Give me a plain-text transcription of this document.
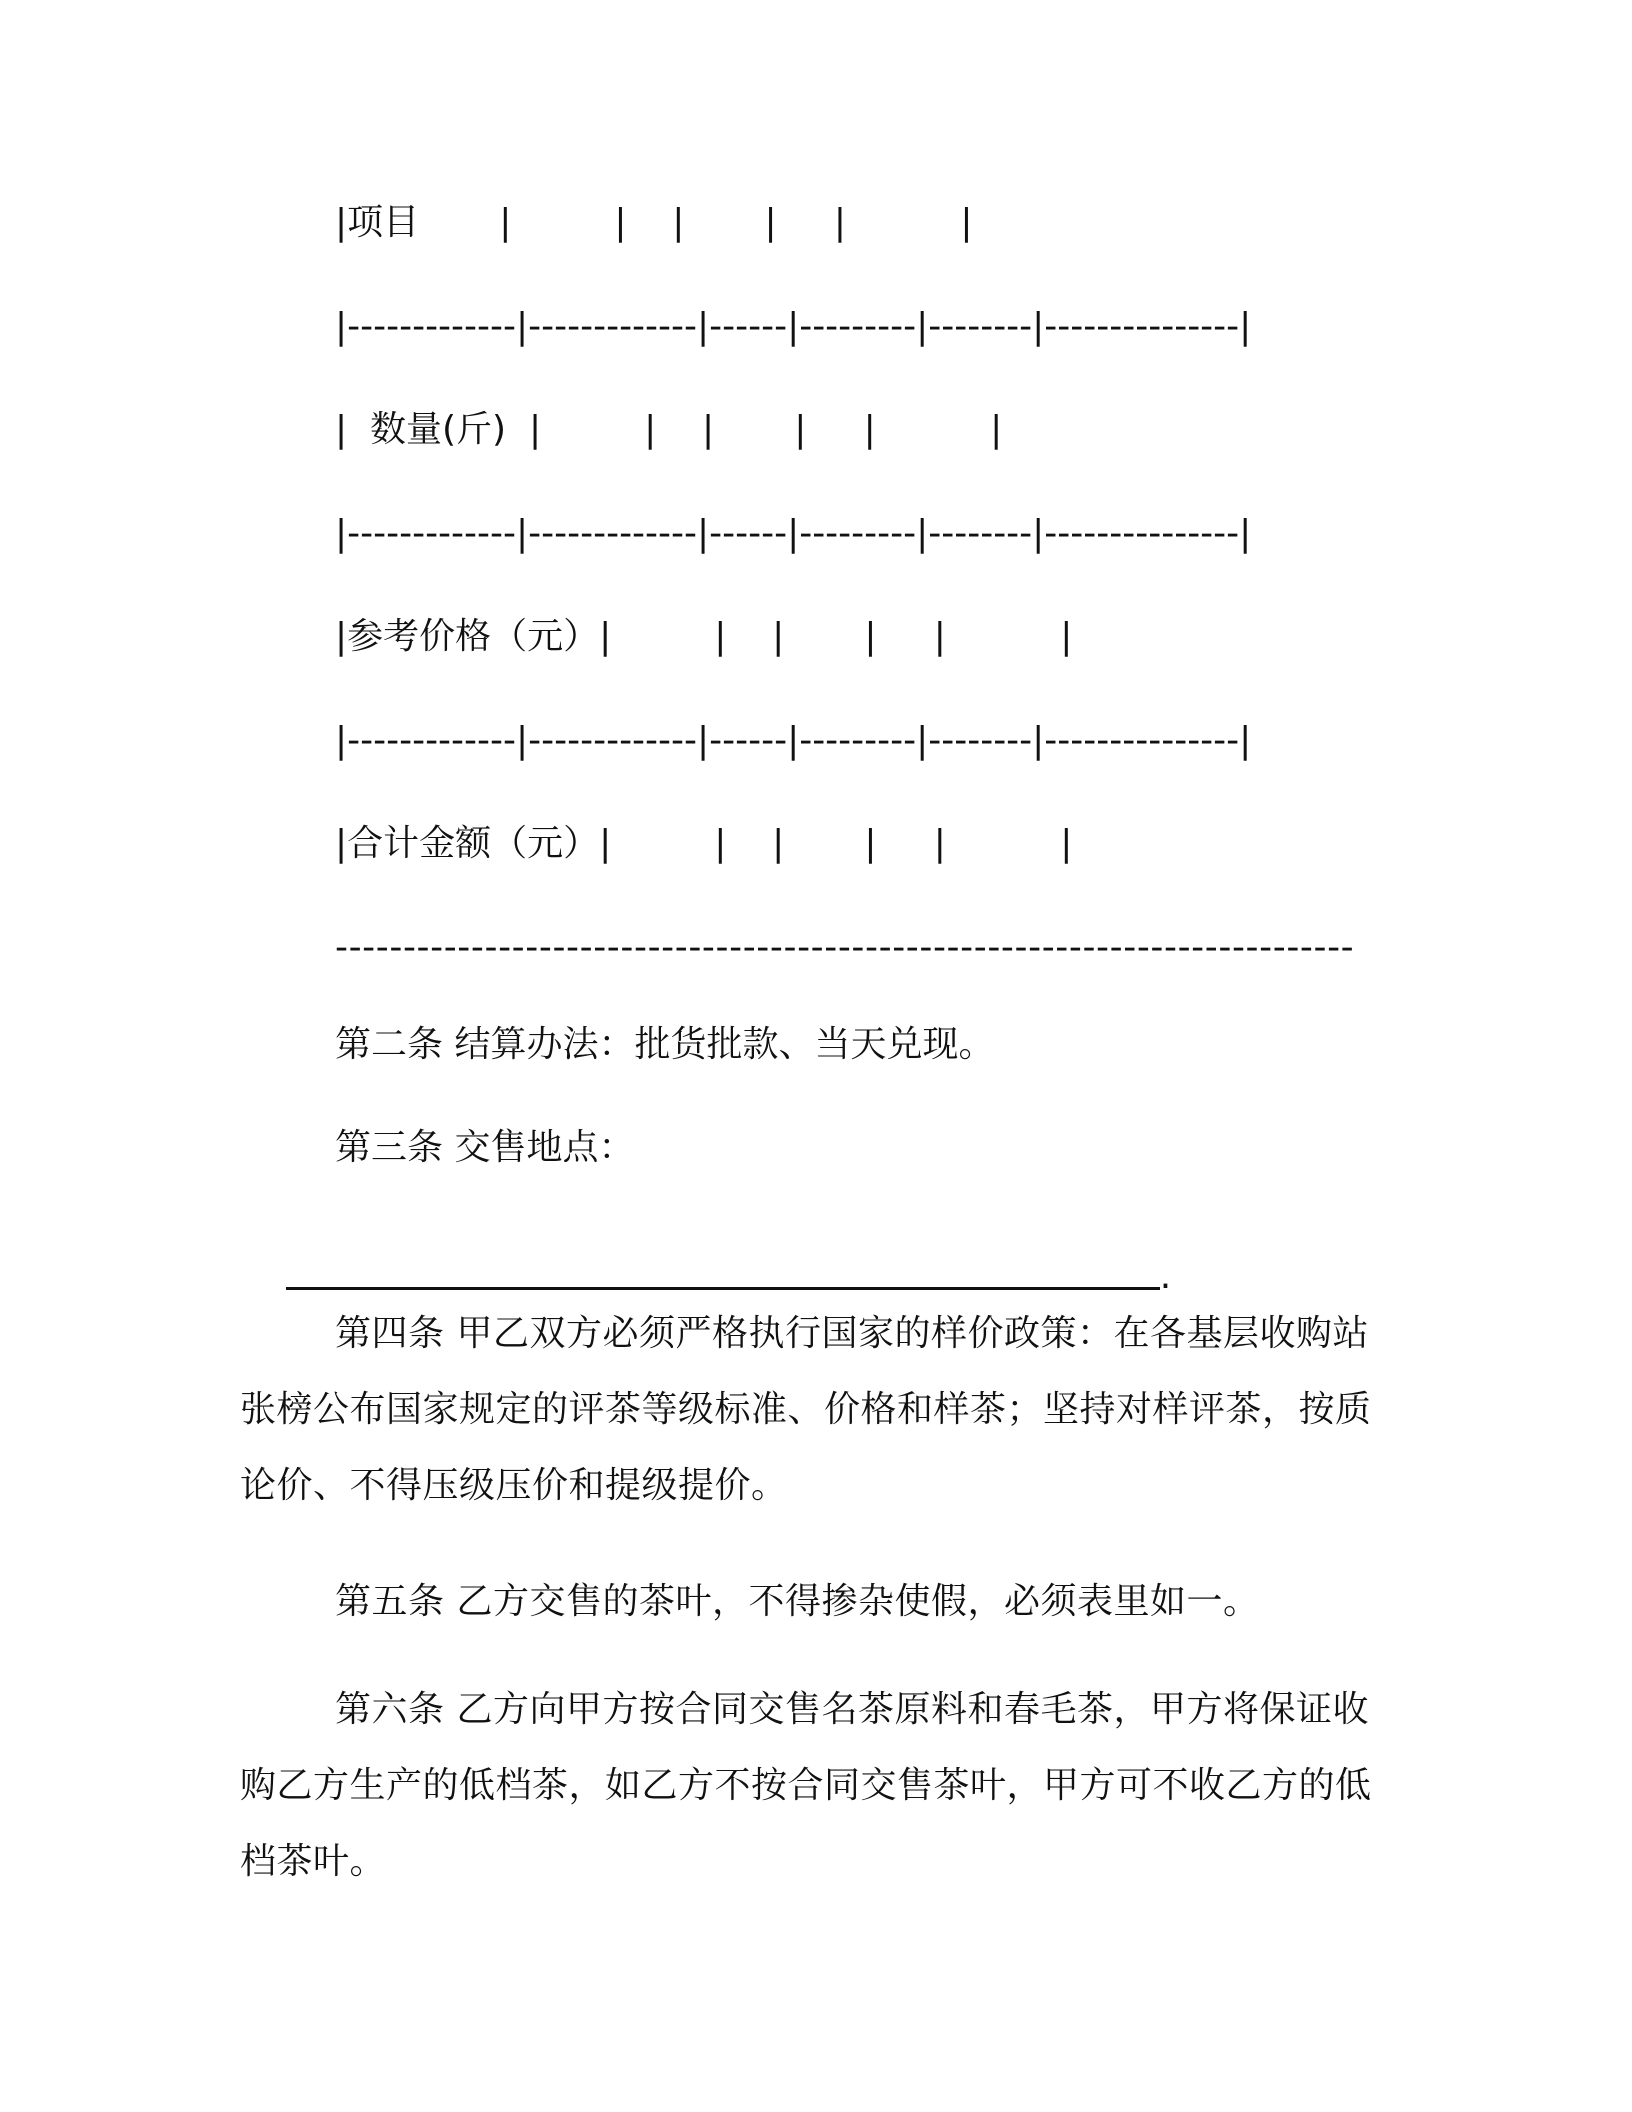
|项目       |         |    |       |     |          |
|-------------|-------------|------|---------|--------|---------------|
|  数量(斤)  |         |    |       |     |          |
|-------------|-------------|------|---------|--------|---------------|
|参考价格（元）|         |    |       |     |          |
|-------------|-------------|------|---------|--------|---------------|
|合计金额（元）|         |    |       |     |          |
---------------------------------------------------------------------------
第二条 结算办法：批货批款、当天兑现。
第三条 交售地点：

.

第四条 甲乙双方必须严格执行国家的样价政策：在各基层收购站张榜公布国家规定的评茶等级标准、价格和样茶；坚持对样评茶，按质论价、不得压级压价和提级提价。
第五条 乙方交售的茶叶，不得掺杂使假，必须表里如一。
第六条 乙方向甲方按合同交售名茶原料和春毛茶，甲方将保证收购乙方生产的低档茶，如乙方不按合同交售茶叶，甲方可不收乙方的低档茶叶。
